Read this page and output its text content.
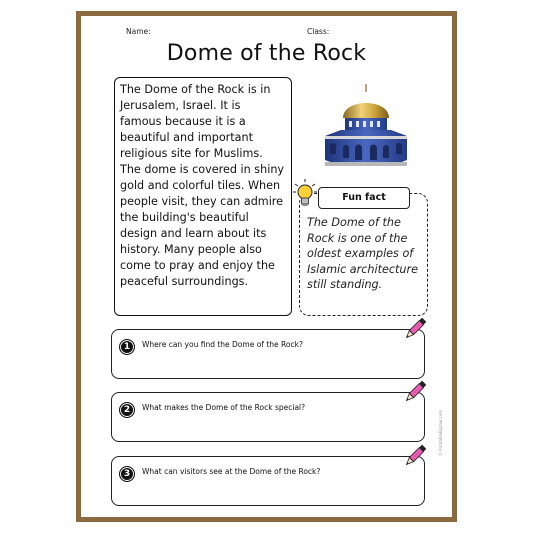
Name:	Class:
Dome of the Rock
The Dome of the Rock is in Jerusalem, Israel. It is famous because it is a beautiful and important religious site for Muslims. The dome is covered in shiny gold and colorful tiles. When people visit, they can admire the building's beautiful design and learn about its history. Many people also come to pray and enjoy the peaceful surroundings.
Fun fact
The Dome of the Rock is one of the oldest examples of Islamic architecture still standing.
1	Where can you find the Dome of the Rock?
2	What makes the Dome of the Rock special?
3	What can visitors see at the Dome of the Rock?
© PrintableBazaar.com
